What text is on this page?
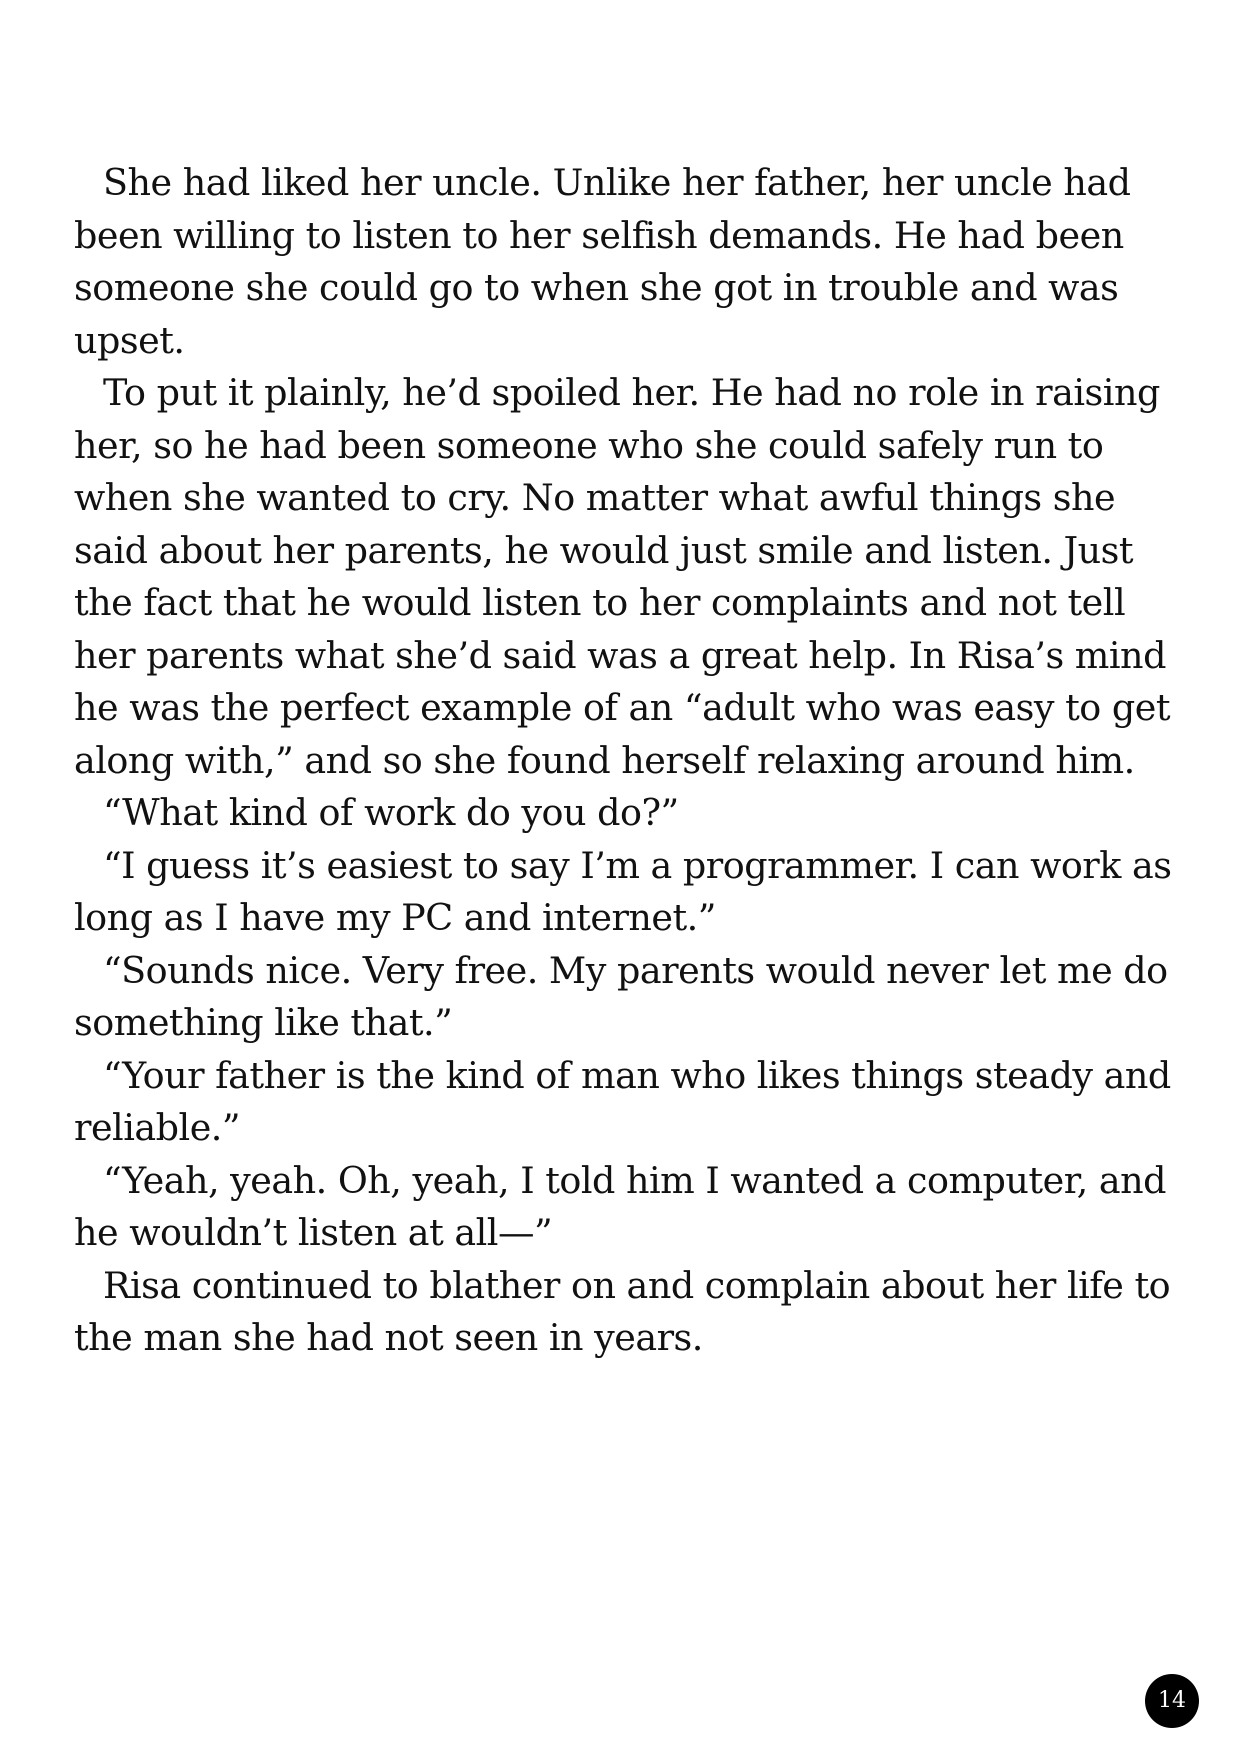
She had liked her uncle. Unlike her father, her uncle had been willing to listen to her selfish demands. He had been someone she could go to when she got in trouble and was upset.

To put it plainly, he’d spoiled her. He had no role in raising her, so he had been someone who she could safely run to when she wanted to cry. No matter what awful things she said about her parents, he would just smile and listen. Just the fact that he would listen to her complaints and not tell her parents what she’d said was a great help. In Risa’s mind he was the perfect example of an “adult who was easy to get along with,” and so she found herself relaxing around him.

“What kind of work do you do?”

“I guess it’s easiest to say I’m a programmer. I can work as long as I have my PC and internet.”

“Sounds nice. Very free. My parents would never let me do something like that.”

“Your father is the kind of man who likes things steady and reliable.”

“Yeah, yeah. Oh, yeah, I told him I wanted a computer, and he wouldn’t listen at all—”

Risa continued to blather on and complain about her life to the man she had not seen in years.

14
